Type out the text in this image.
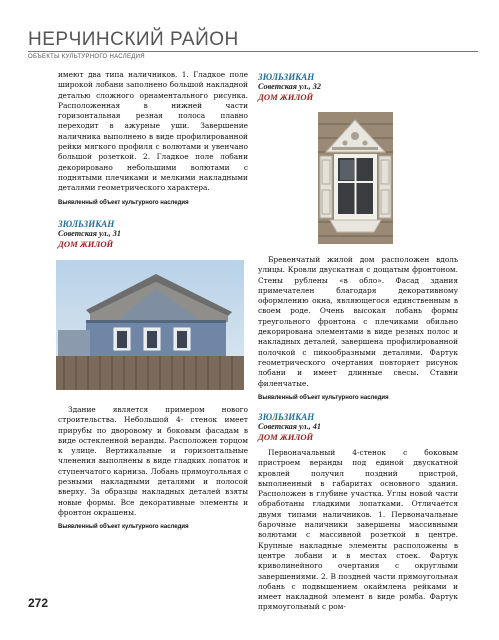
НЕРЧИНСКИЙ РАЙОН
ОБЪЕКТЫ КУЛЬТУРНОГО НАСЛЕДИЯ

имеют два типа наличников. 1. Гладкое поле широкой лобани заполнено большой накладной деталью сложного орнаментального рисунка. Расположенная в нижней части горизонтальная резная полоса плавно переходит в ажурные уши. Завершение наличника выполнено в виде профилированной рейки мягкого профиля с волютами и увенчано большой розеткой. 2. Гладкое поле лобани декорировано небольшими волютами с поднятыми плечиками и мелкими накладными деталями геометрического характера.

Выявленный объект культурного наследия
ЗЮЛЬЗИКАН
Советская ул., 32
ДОМ ЖИЛОЙ
ЗЮЛЬЗИКАН
Советская ул., 31
ДОМ ЖИЛОЙ

Бревенчатый жилой дом расположен вдоль улицы. Кровли двускатная с дощатым фронтоном. Стены рублены «в обло». Фасад здания примечателен благодаря декоративному оформлению окна, являющегося единственным в своем роде. Очень высокая лобань формы треугольного фронтона с плечиками обильно декорирована элементами в виде резных полос и накладных деталей, завершена профилированной полочкой с пикообразными деталями. Фартук геометрического очертания повторяет рисунок лобани и имеет длинные свесы. Ставни филенчатые.

Выявленный объект культурного наследия

Здание является примером нового строительства. Небольшой 4- стенок имеет прирубы по дворовому и боковым фасадам в виде остекленной веранды. Расположен торцом к улице. Вертикальные и горизонтальные членения выполнены в виде гладких лопаток и ступенчатого карниза. Лобань прямоугольная с резными накладными деталями и полосой вверху. За образцы накладных деталей взяты новые формы. Все декоративные элементы и фронтон окрашены.

Выявленный объект культурного наследия
ЗЮЛЬЗИКАН
Советская ул., 41
ДОМ ЖИЛОЙ

Первоначальный 4-стенок с боковым пристроем веранды под единой двускатной кровлей получил поздний пристрой, выполненный в габаритах основного здания. Расположен в глубине участка. Углы новой части обработаны гладкими лопатками. Отличается двумя типами наличников. 1. Первоначальные барочные наличники завершены массивными волютами с массивной розеткой в центре. Крупные накладные элементы расположены в центре лобани и в местах стоек. Фартук криволинейного очертания с округлыми завершениями. 2. В поздней части прямоугольная лобань с подвышением окаймлена рейками и имеет накладной элемент в виде ромба. Фартук прямоугольный с ром-

272
